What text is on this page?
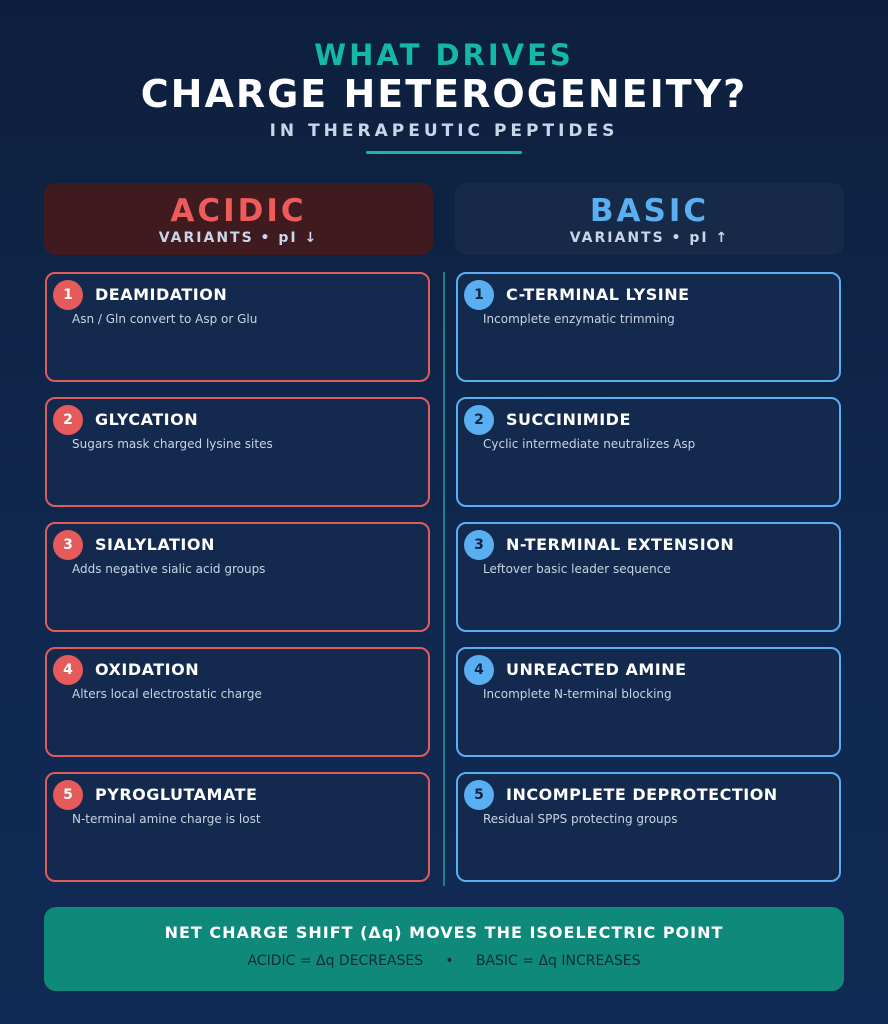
WHAT DRIVES
CHARGE HETEROGENEITY?
IN THERAPEUTIC PEPTIDES
ACIDIC
VARIANTS • pI ↓
BASIC
VARIANTS • pI ↑
1	DEAMIDATION
Asn / Gln convert to Asp or Glu
2	GLYCATION
Sugars mask charged lysine sites
3	SIALYLATION
Adds negative sialic acid groups
4	OXIDATION
Alters local electrostatic charge
5	PYROGLUTAMATE
N-terminal amine charge is lost
1	C-TERMINAL LYSINE
Incomplete enzymatic trimming
2	SUCCINIMIDE
Cyclic intermediate neutralizes Asp
3	N-TERMINAL EXTENSION
Leftover basic leader sequence
4	UNREACTED AMINE
Incomplete N-terminal blocking
5	INCOMPLETE DEPROTECTION
Residual SPPS protecting groups
NET CHARGE SHIFT (Δq) MOVES THE ISOELECTRIC POINT
ACIDIC = Δq DECREASES     •     BASIC = Δq INCREASES
